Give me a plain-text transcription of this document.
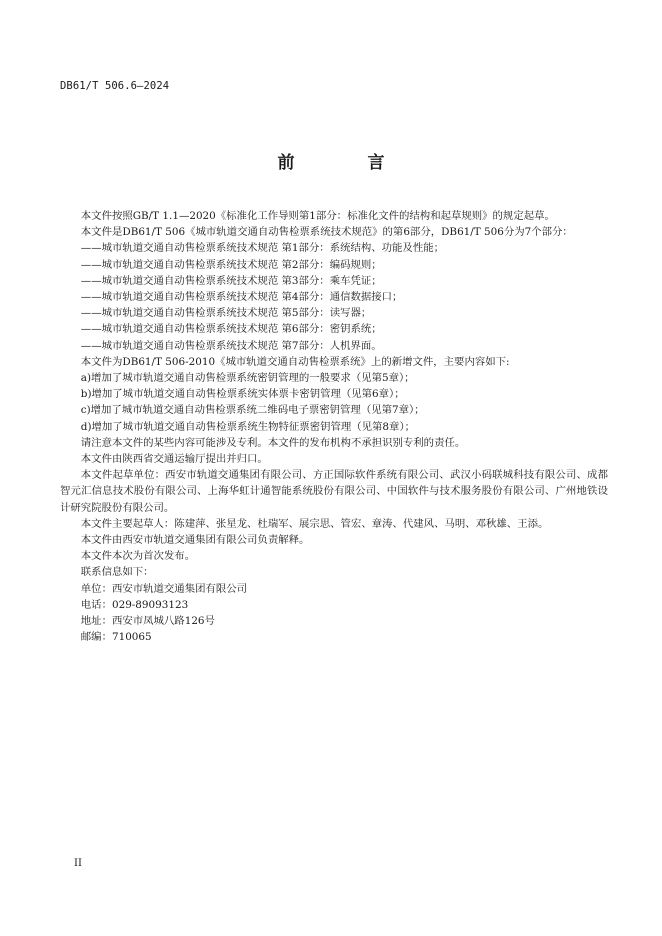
DB61/T 506.6—2024
前　言

本文件按照GB/T 1.1—2020《标准化工作导则第1部分：标准化文件的结构和起草规则》的规定起草。

本文件是DB61/T 506《城市轨道交通自动售检票系统技术规范》的第6部分，DB61/T 506分为7个部分：

——城市轨道交通自动售检票系统技术规范 第1部分：系统结构、功能及性能；
——城市轨道交通自动售检票系统技术规范 第2部分：编码规则；
——城市轨道交通自动售检票系统技术规范 第3部分：乘车凭证；
——城市轨道交通自动售检票系统技术规范 第4部分：通信数据接口；
——城市轨道交通自动售检票系统技术规范 第5部分：读写器；
——城市轨道交通自动售检票系统技术规范 第6部分：密钥系统；
——城市轨道交通自动售检票系统技术规范 第7部分：人机界面。

本文件为DB61/T 506-2010《城市轨道交通自动售检票系统》上的新增文件，主要内容如下:

a)增加了城市轨道交通自动售检票系统密钥管理的一般要求（见第5章）；
b)增加了城市轨道交通自动售检票系统实体票卡密钥管理（见第6章）；
c)增加了城市轨道交通自动售检票系统二维码电子票密钥管理（见第7章）；
d)增加了城市轨道交通自动售检票系统生物特征票密钥管理（见第8章）；

请注意本文件的某些内容可能涉及专利。本文件的发布机构不承担识别专利的责任。

本文件由陕西省交通运输厅提出并归口。

本文件起草单位：西安市轨道交通集团有限公司、方正国际软件系统有限公司、武汉小码联城科技有限公司、成都智元汇信息技术股份有限公司、上海华虹计通智能系统股份有限公司、中国软件与技术服务股份有限公司、广州地铁设计研究院股份有限公司。

本文件主要起草人：陈建萍、张星龙、杜瑞军、展宗思、管宏、章涛、代建风、马明、邓秋雄、王添。

本文件由西安市轨道交通集团有限公司负责解释。

本文件本次为首次发布。

联系信息如下：

单位：西安市轨道交通集团有限公司
电话：029-89093123
地址：西安市凤城八路126号
邮编：710065
II
